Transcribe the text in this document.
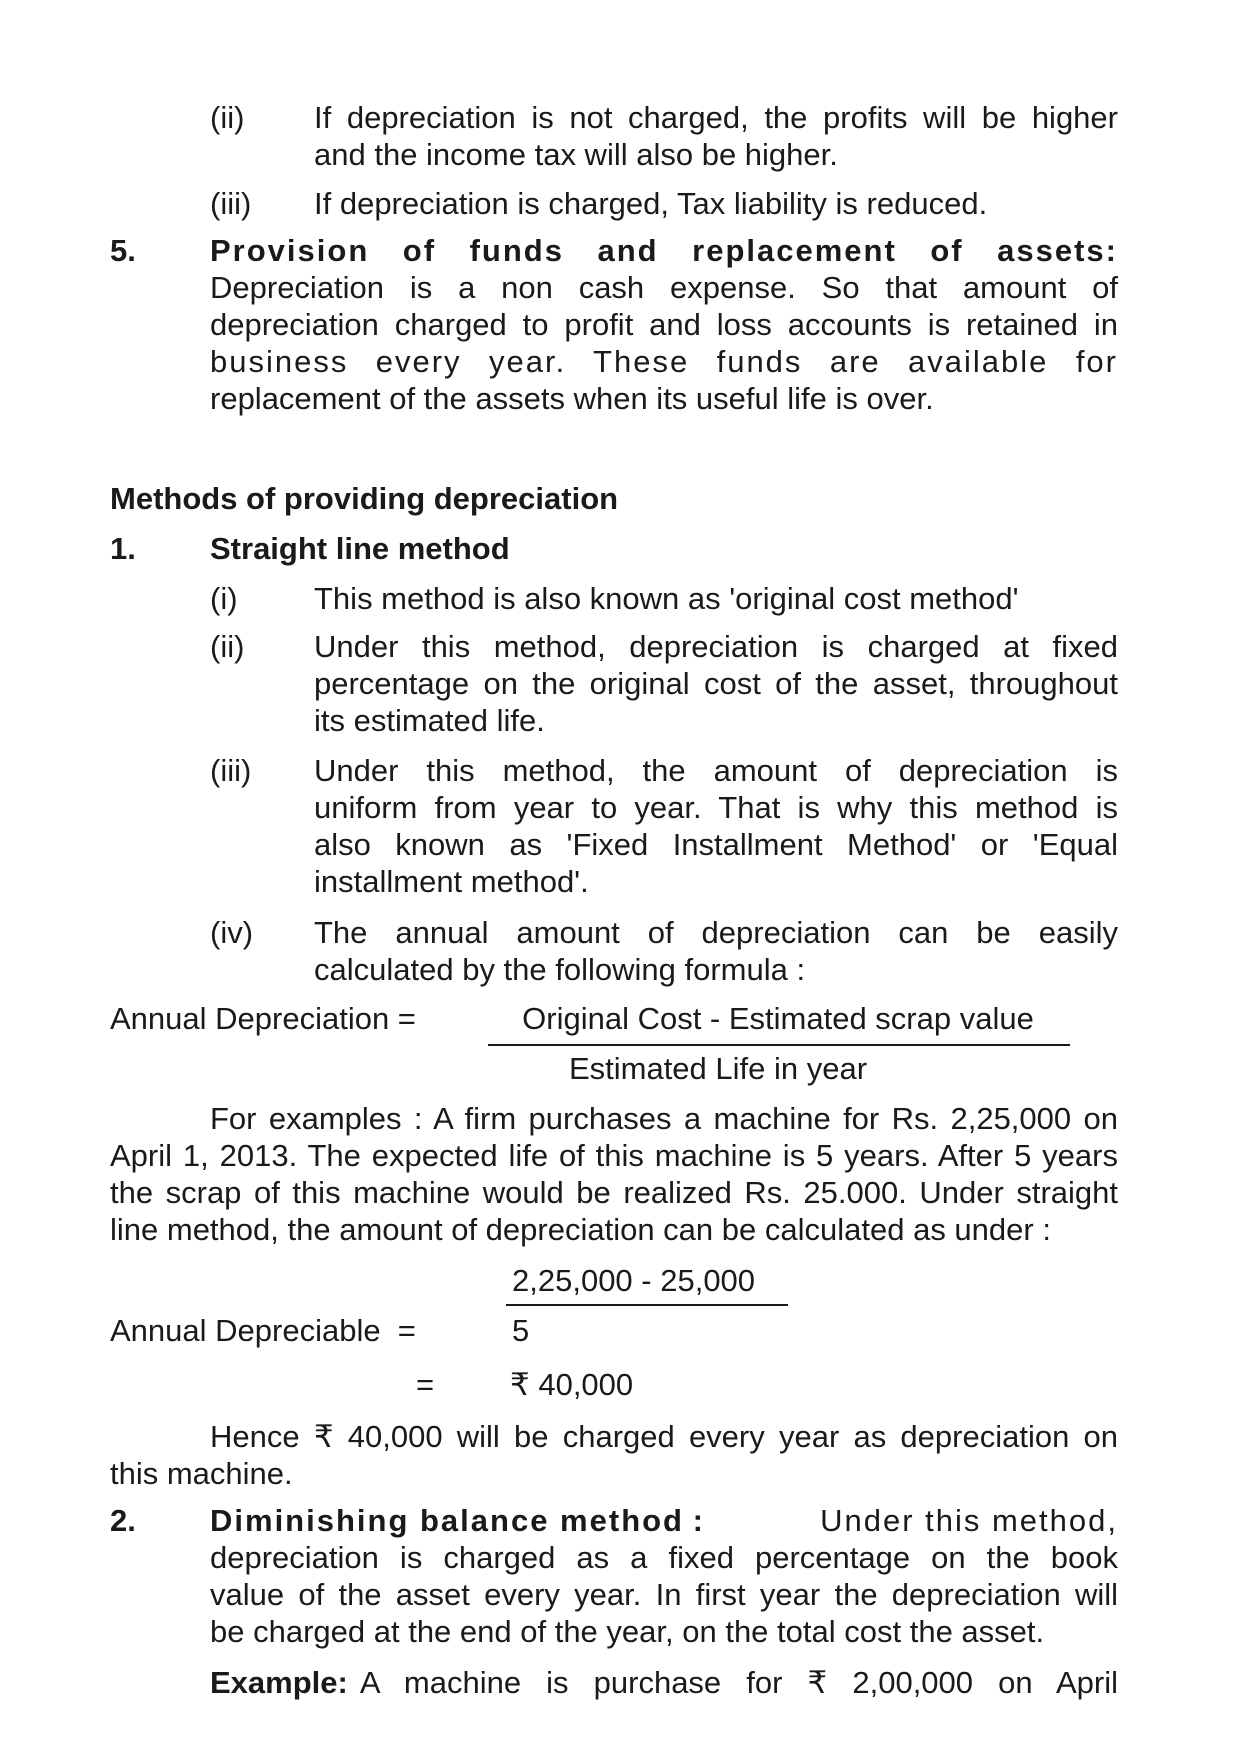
(ii) If depreciation is not charged, the profits will be higher
and the income tax will also be higher.
(iii) If depreciation is charged, Tax liability is reduced.
5. Provision of funds and replacement of assets:
Depreciation is a non cash expense. So that amount of
depreciation charged to profit and loss accounts is retained in
business every year. These funds are available for
replacement of the assets when its useful life is over.
Methods of providing depreciation
1. Straight line method
(i) This method is also known as 'original cost method'
(ii) Under this method, depreciation is charged at fixed
percentage on the original cost of the asset, throughout
its estimated life.
(iii) Under this method, the amount of depreciation is
uniform from year to year. That is why this method is
also known as 'Fixed Installment Method' or 'Equal
installment method'.
(iv) The annual amount of depreciation can be easily
calculated by the following formula :
Annual Depreciation =	Original Cost - Estimated scrap value
Estimated Life in year
For examples : A firm purchases a machine for Rs. 2,25,000 on
April 1, 2013. The expected life of this machine is 5 years. After 5 years
the scrap of this machine would be realized Rs. 25.000. Under straight
line method, the amount of depreciation can be calculated as under :
2,25,000 - 25,000
Annual Depreciable  =	5
= ₹ 40,000
Hence ₹ 40,000 will be charged every year as depreciation on
this machine.
2. Diminishing balance method :	Under this method,
depreciation is charged as a fixed percentage on the book
value of the asset every year. In first year the depreciation will
be charged at the end of the year, on the total cost the asset.
Example: A machine is purchase for ₹ 2,00,000 on April
